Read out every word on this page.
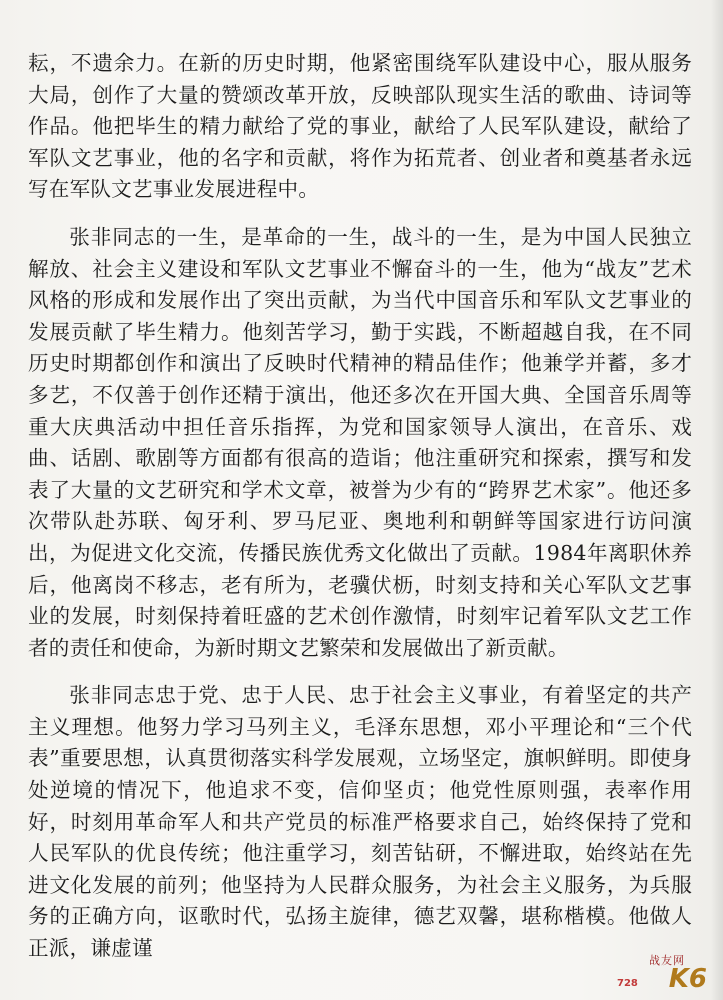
耘，不遗余力。在新的历史时期，他紧密围绕军队建设中心，服从服务大局，创作了大量的赞颂改革开放，反映部队现实生活的歌曲、诗词等作品。他把毕生的精力献给了党的事业，献给了人民军队建设，献给了军队文艺事业，他的名字和贡献，将作为拓荒者、创业者和奠基者永远写在军队文艺事业发展进程中。

张非同志的一生，是革命的一生，战斗的一生，是为中国人民独立解放、社会主义建设和军队文艺事业不懈奋斗的一生，他为“战友”艺术风格的形成和发展作出了突出贡献，为当代中国音乐和军队文艺事业的发展贡献了毕生精力。他刻苦学习，勤于实践，不断超越自我，在不同历史时期都创作和演出了反映时代精神的精品佳作；他兼学并蓄，多才多艺，不仅善于创作还精于演出，他还多次在开国大典、全国音乐周等重大庆典活动中担任音乐指挥，为党和国家领导人演出，在音乐、戏曲、话剧、歌剧等方面都有很高的造诣；他注重研究和探索，撰写和发表了大量的文艺研究和学术文章，被誉为少有的“跨界艺术家”。他还多次带队赴苏联、匈牙利、罗马尼亚、奥地利和朝鲜等国家进行访问演出，为促进文化交流，传播民族优秀文化做出了贡献。1984年离职休养后，他离岗不移志，老有所为，老骥伏枥，时刻支持和关心军队文艺事业的发展，时刻保持着旺盛的艺术创作激情，时刻牢记着军队文艺工作者的责任和使命，为新时期文艺繁荣和发展做出了新贡献。

张非同志忠于党、忠于人民、忠于社会主义事业，有着坚定的共产主义理想。他努力学习马列主义，毛泽东思想，邓小平理论和“三个代表”重要思想，认真贯彻落实科学发展观，立场坚定，旗帜鲜明。即使身处逆境的情况下，他追求不变，信仰坚贞；他党性原则强，表率作用好，时刻用革命军人和共产党员的标准严格要求自己，始终保持了党和人民军队的优良传统；他注重学习，刻苦钻研，不懈进取，始终站在先进文化发展的前列；他坚持为人民群众服务，为社会主义服务，为兵服务的正确方向，讴歌时代，弘扬主旋律，德艺双馨，堪称楷模。他做人正派，谦虚谨

战友网
728 K6
